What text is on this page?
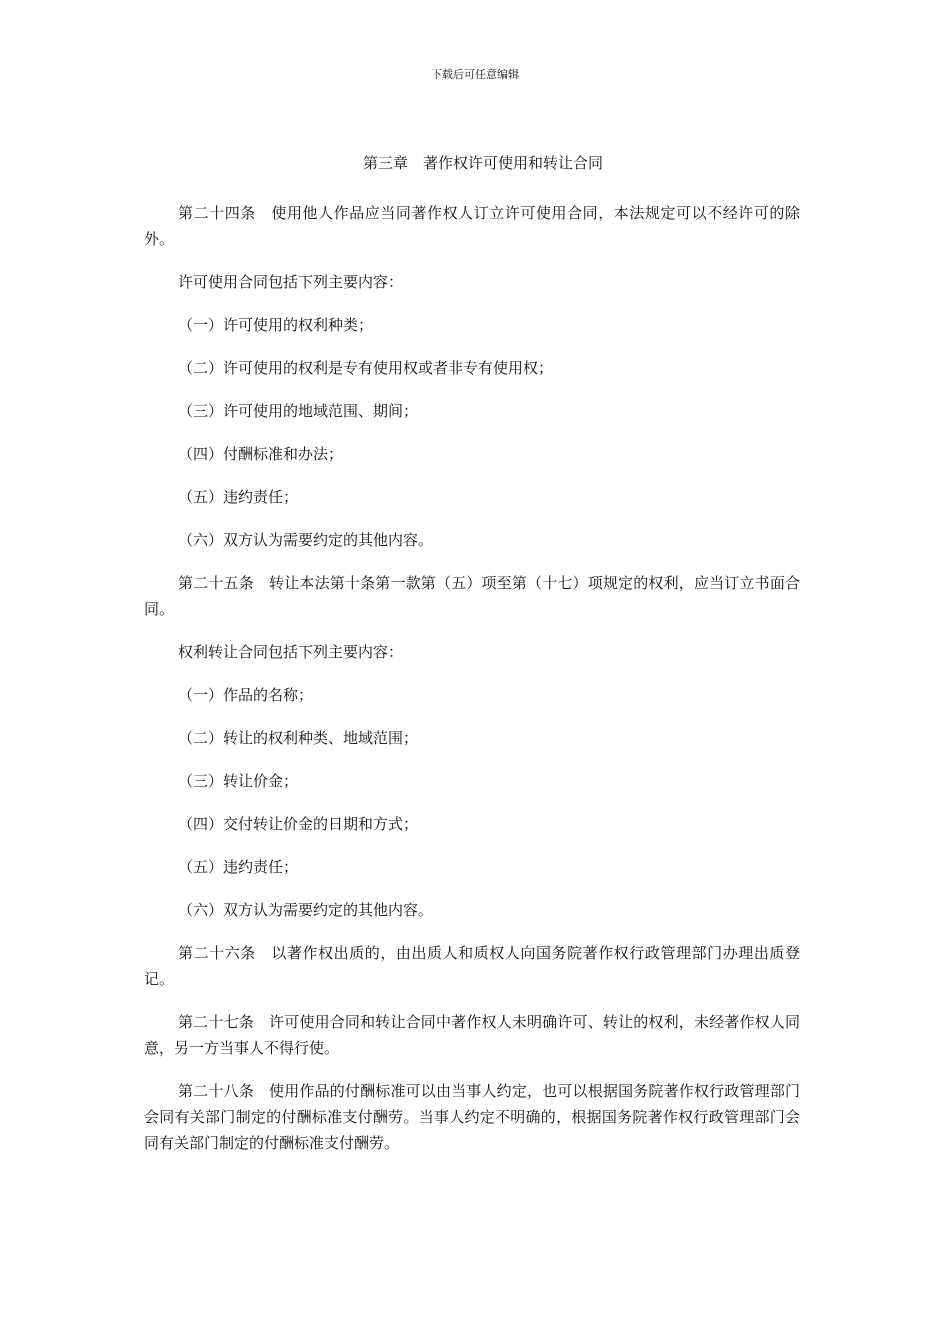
下载后可任意编辑
第三章　著作权许可使用和转让合同

第二十四条　使用他人作品应当同著作权人订立许可使用合同，本法规定可以不经许可的除外。

许可使用合同包括下列主要内容：

（一）许可使用的权利种类；

（二）许可使用的权利是专有使用权或者非专有使用权；

（三）许可使用的地域范围、期间；

（四）付酬标准和办法；

（五）违约责任；

（六）双方认为需要约定的其他内容。

第二十五条　转让本法第十条第一款第（五）项至第（十七）项规定的权利，应当订立书面合同。

权利转让合同包括下列主要内容：

（一）作品的名称；

（二）转让的权利种类、地域范围；

（三）转让价金；

（四）交付转让价金的日期和方式；

（五）违约责任；

（六）双方认为需要约定的其他内容。

第二十六条　以著作权出质的，由出质人和质权人向国务院著作权行政管理部门办理出质登记。

第二十七条　许可使用合同和转让合同中著作权人未明确许可、转让的权利，未经著作权人同意，另一方当事人不得行使。

第二十八条　使用作品的付酬标准可以由当事人约定，也可以根据国务院著作权行政管理部门会同有关部门制定的付酬标准支付酬劳。当事人约定不明确的，根据国务院著作权行政管理部门会同有关部门制定的付酬标准支付酬劳。
